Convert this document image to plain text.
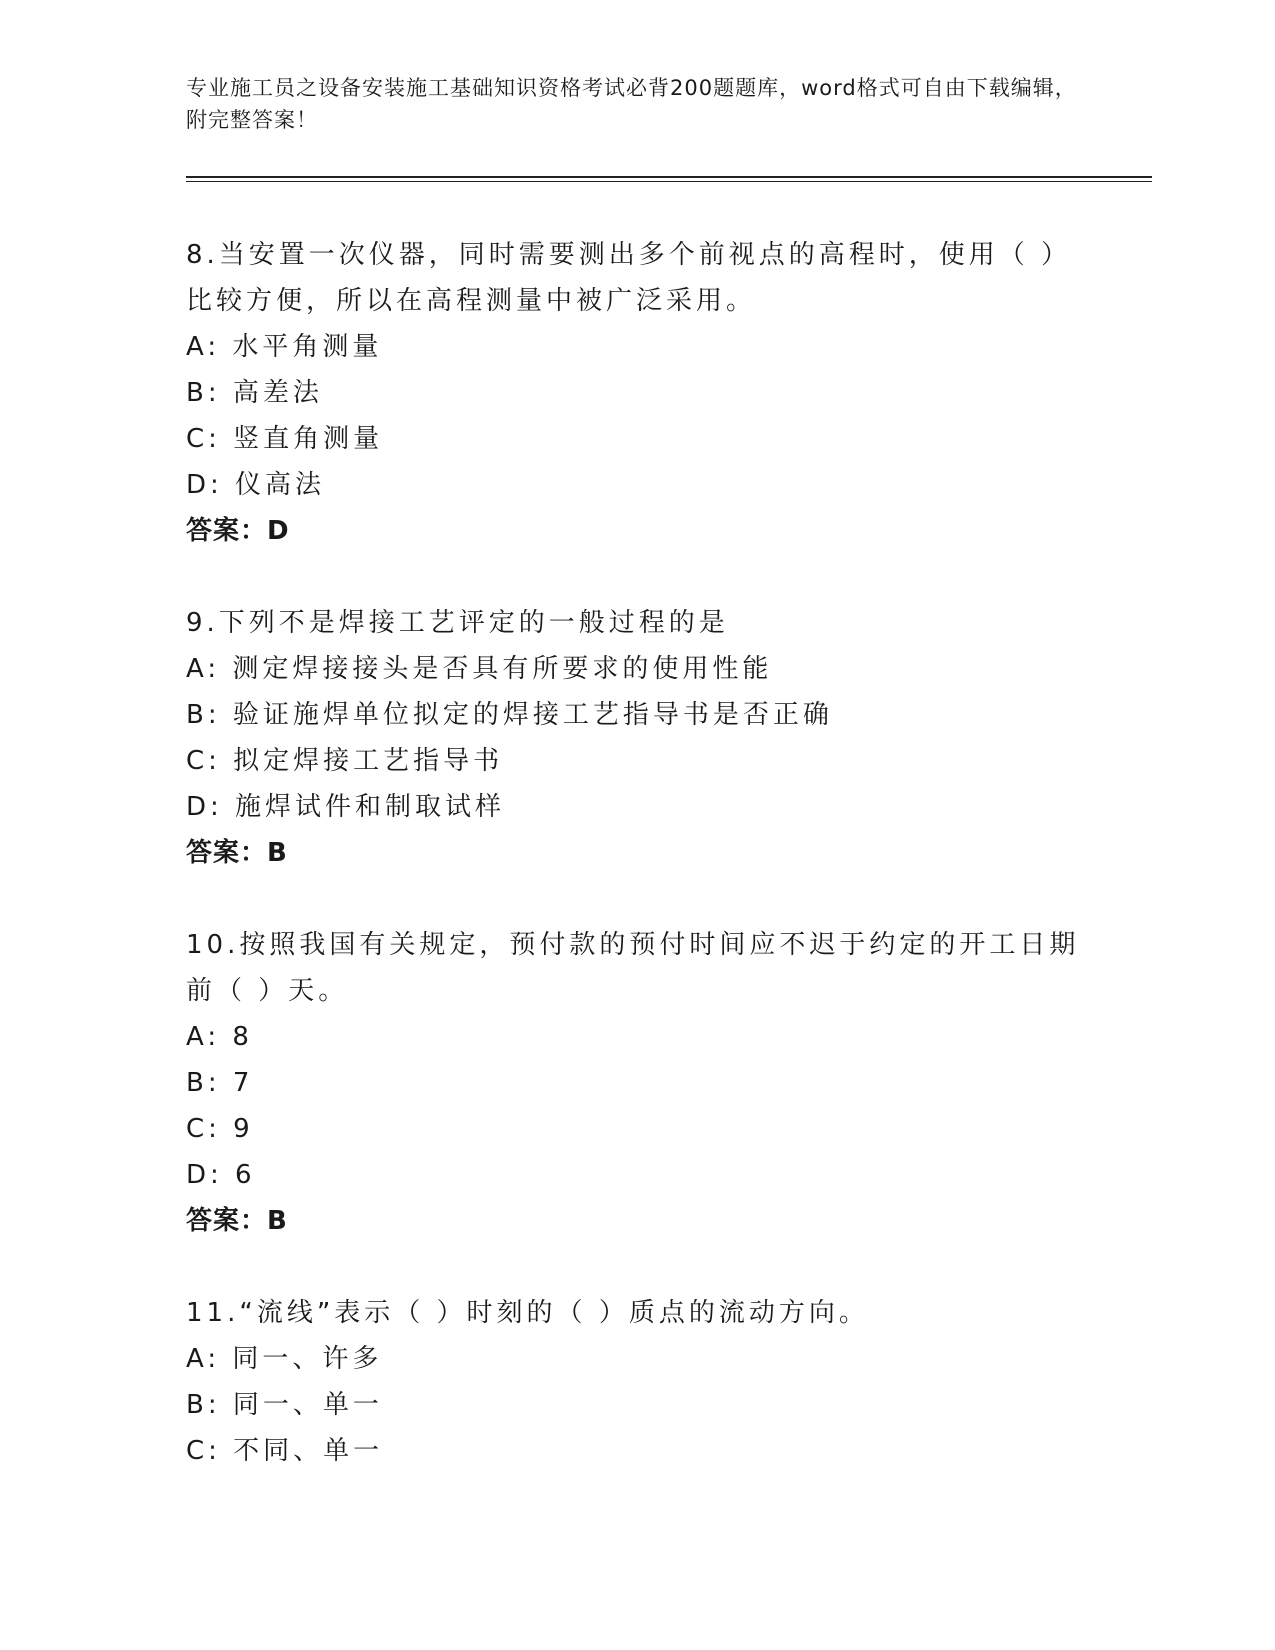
专业施工员之设备安装施工基础知识资格考试必背200题题库，word格式可自由下载编辑，附完整答案！
8.当安置一次仪器，同时需要测出多个前视点的高程时，使用（ ）比较方便，所以在高程测量中被广泛采用。
A: 水平角测量
B: 高差法
C: 竖直角测量
D: 仪高法
答案：D
9.下列不是焊接工艺评定的一般过程的是
A: 测定焊接接头是否具有所要求的使用性能
B: 验证施焊单位拟定的焊接工艺指导书是否正确
C: 拟定焊接工艺指导书
D: 施焊试件和制取试样
答案：B
10.按照我国有关规定，预付款的预付时间应不迟于约定的开工日期前（ ）天。
A: 8
B: 7
C: 9
D: 6
答案：B
11.“流线”表示（ ）时刻的（ ）质点的流动方向。
A: 同一、许多
B: 同一、单一
C: 不同、单一
